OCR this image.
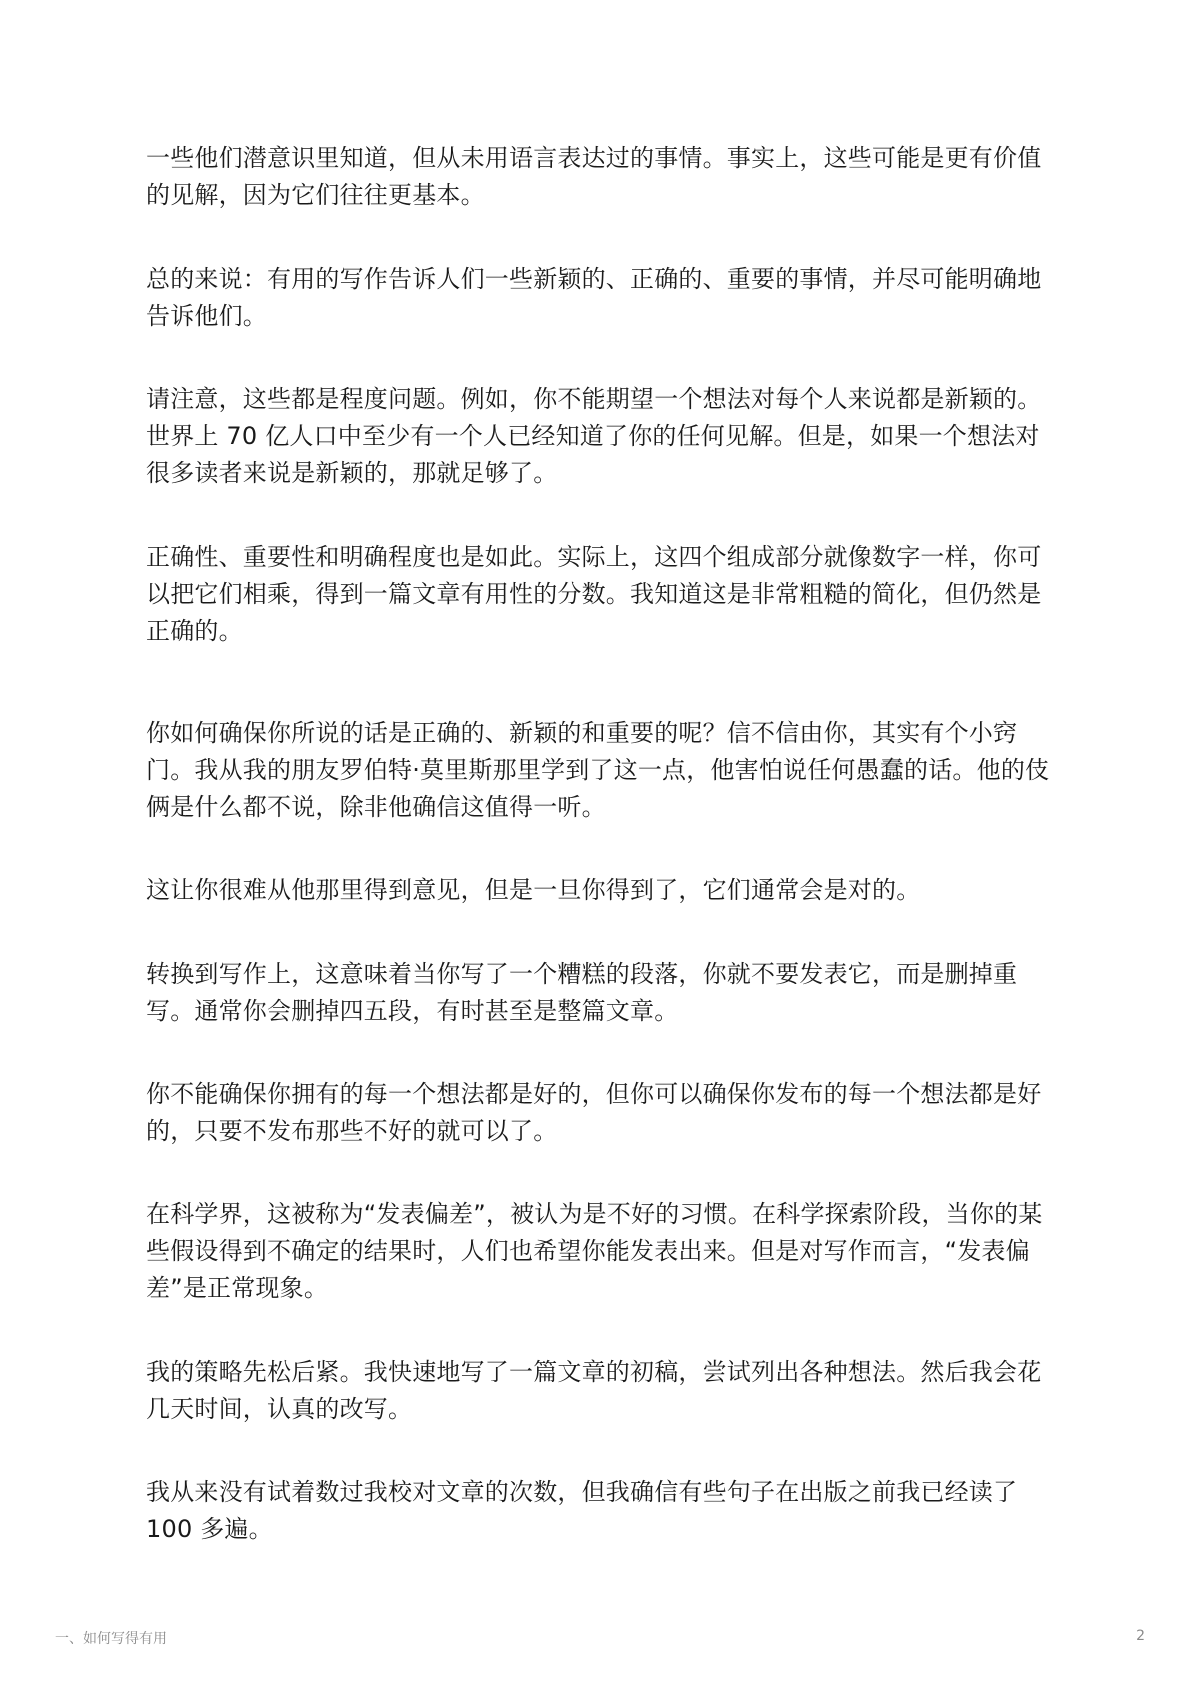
一些他们潜意识里知道，但从未用语言表达过的事情。事实上，这些可能是更有价值
的见解，因为它们往往更基本。

总的来说：有用的写作告诉人们一些新颖的、正确的、重要的事情，并尽可能明确地
告诉他们。

请注意，这些都是程度问题。例如，你不能期望一个想法对每个人来说都是新颖的。
世界上 70 亿人口中至少有一个人已经知道了你的任何见解。但是，如果一个想法对
很多读者来说是新颖的，那就足够了。

正确性、重要性和明确程度也是如此。实际上，这四个组成部分就像数字一样，你可
以把它们相乘，得到一篇文章有用性的分数。我知道这是非常粗糙的简化，但仍然是
正确的。

你如何确保你所说的话是正确的、新颖的和重要的呢？信不信由你，其实有个小窍
门。我从我的朋友罗伯特·莫里斯那里学到了这一点，他害怕说任何愚蠢的话。他的伎
俩是什么都不说，除非他确信这值得一听。

这让你很难从他那里得到意见，但是一旦你得到了，它们通常会是对的。

转换到写作上，这意味着当你写了一个糟糕的段落，你就不要发表它，而是删掉重
写。通常你会删掉四五段，有时甚至是整篇文章。

你不能确保你拥有的每一个想法都是好的，但你可以确保你发布的每一个想法都是好
的，只要不发布那些不好的就可以了。

在科学界，这被称为“发表偏差”，被认为是不好的习惯。在科学探索阶段，当你的某
些假设得到不确定的结果时，人们也希望你能发表出来。但是对写作而言，“发表偏
差”是正常现象。

我的策略先松后紧。我快速地写了一篇文章的初稿，尝试列出各种想法。然后我会花
几天时间，认真的改写。

我从来没有试着数过我校对文章的次数，但我确信有些句子在出版之前我已经读了
100 多遍。

一、如何写得有用	2
